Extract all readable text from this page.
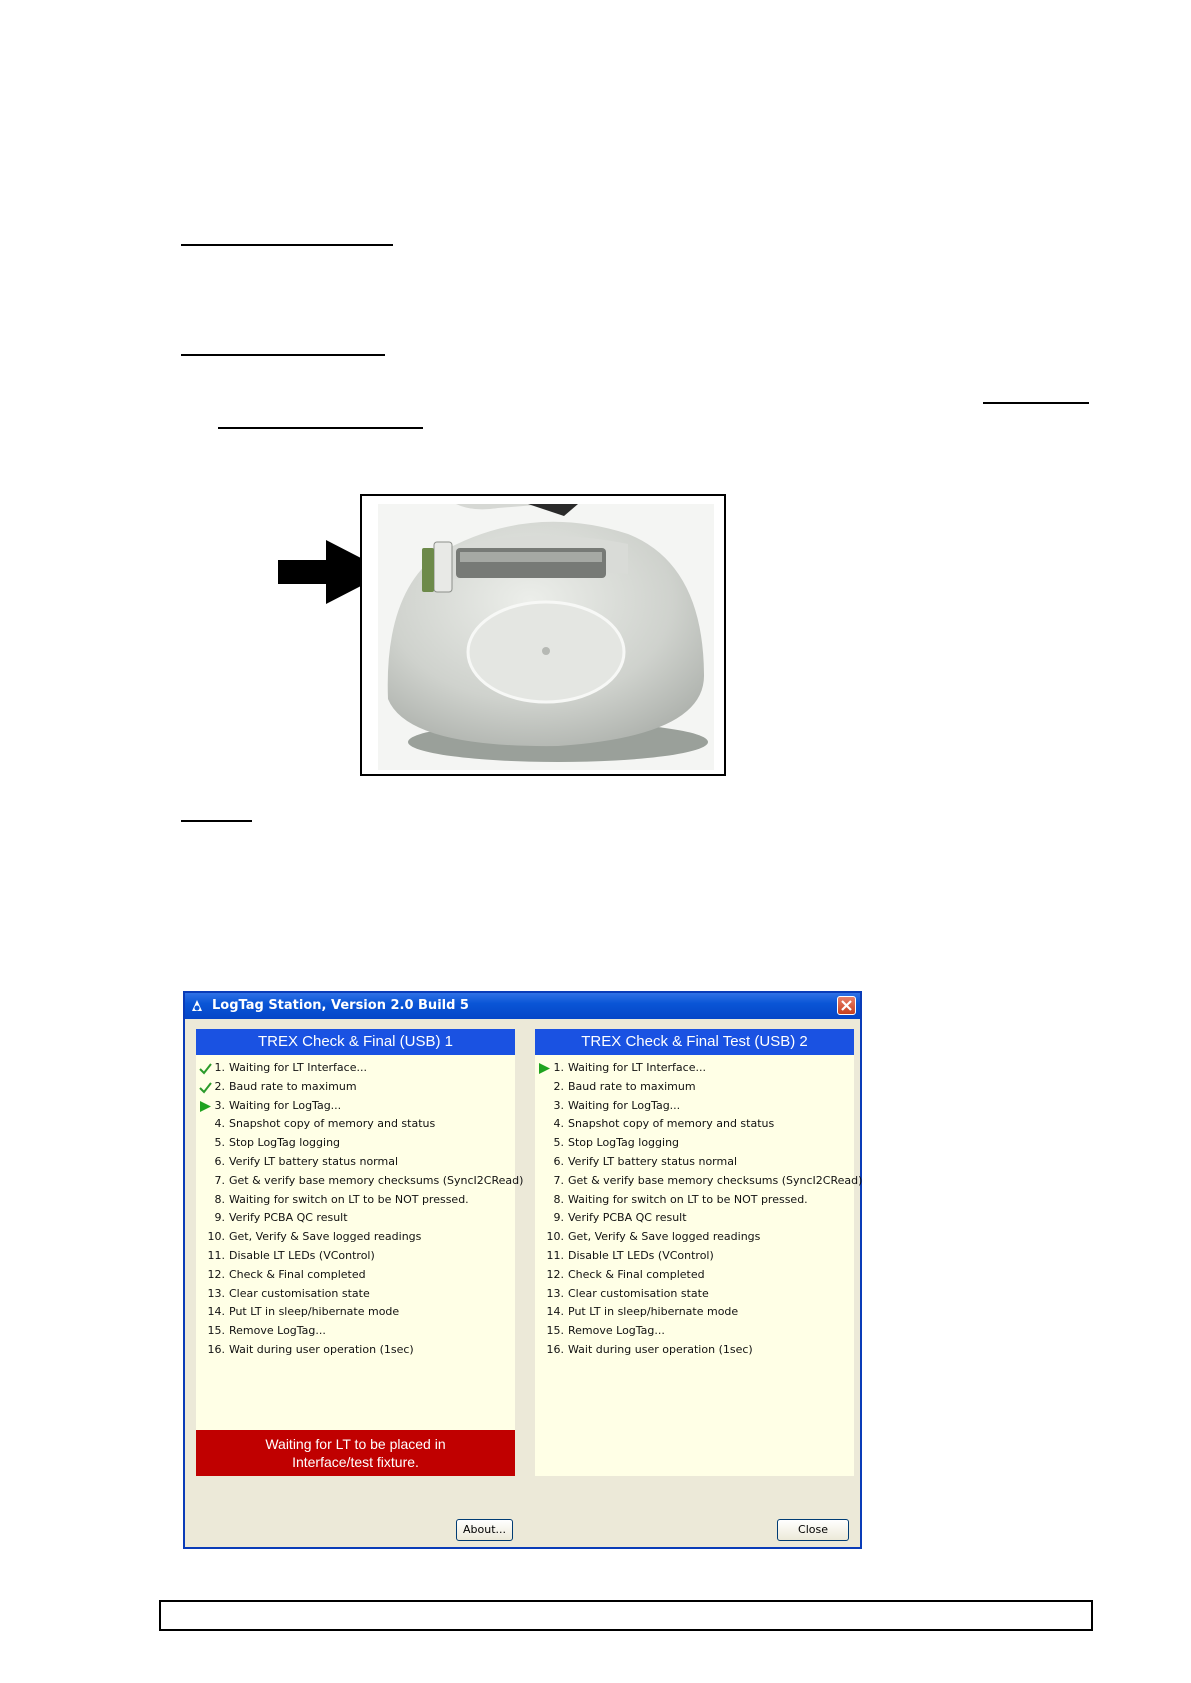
LogTag Station, Version 2.0 Build 5
TREX Check & Final (USB) 1
1. Waiting for LT Interface...
2. Baud rate to maximum
3. Waiting for LogTag...
4. Snapshot copy of memory and status
5. Stop LogTag logging
6. Verify LT battery status normal
7. Get & verify base memory checksums (SyncI2CRead)
8. Waiting for switch on LT to be NOT pressed.
9. Verify PCBA QC result
10. Get, Verify & Save logged readings
11. Disable LT LEDs (VControl)
12. Check & Final completed
13. Clear customisation state
14. Put LT in sleep/hibernate mode
15. Remove LogTag...
16. Wait during user operation (1sec)
Waiting for LT to be placed in
Interface/test fixture.
TREX Check & Final Test (USB) 2
1. Waiting for LT Interface...
2. Baud rate to maximum
3. Waiting for LogTag...
4. Snapshot copy of memory and status
5. Stop LogTag logging
6. Verify LT battery status normal
7. Get & verify base memory checksums (SyncI2CRead)
8. Waiting for switch on LT to be NOT pressed.
9. Verify PCBA QC result
10. Get, Verify & Save logged readings
11. Disable LT LEDs (VControl)
12. Check & Final completed
13. Clear customisation state
14. Put LT in sleep/hibernate mode
15. Remove LogTag...
16. Wait during user operation (1sec)
About...	Close
